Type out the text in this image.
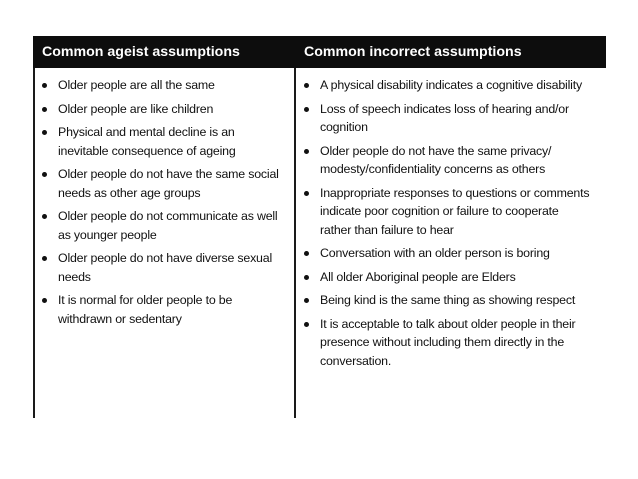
Common ageist assumptions	Common incorrect assumptions
Older people are all the same
Older people are like children
Physical and mental decline is an
inevitable consequence of ageing
Older people do not have the same social
needs as other age groups
Older people do not communicate as well
as younger people
Older people do not have diverse sexual
needs
It is normal for older people to be
withdrawn or sedentary
A physical disability indicates a cognitive disability
Loss of speech indicates loss of hearing and/or
cognition
Older people do not have the same privacy/
modesty/confidentiality concerns as others
Inappropriate responses to questions or comments
indicate poor cognition or failure to cooperate
rather than failure to hear
Conversation with an older person is boring
All older Aboriginal people are Elders
Being kind is the same thing as showing respect
It is acceptable to talk about older people in their
presence without including them directly in the
conversation.
